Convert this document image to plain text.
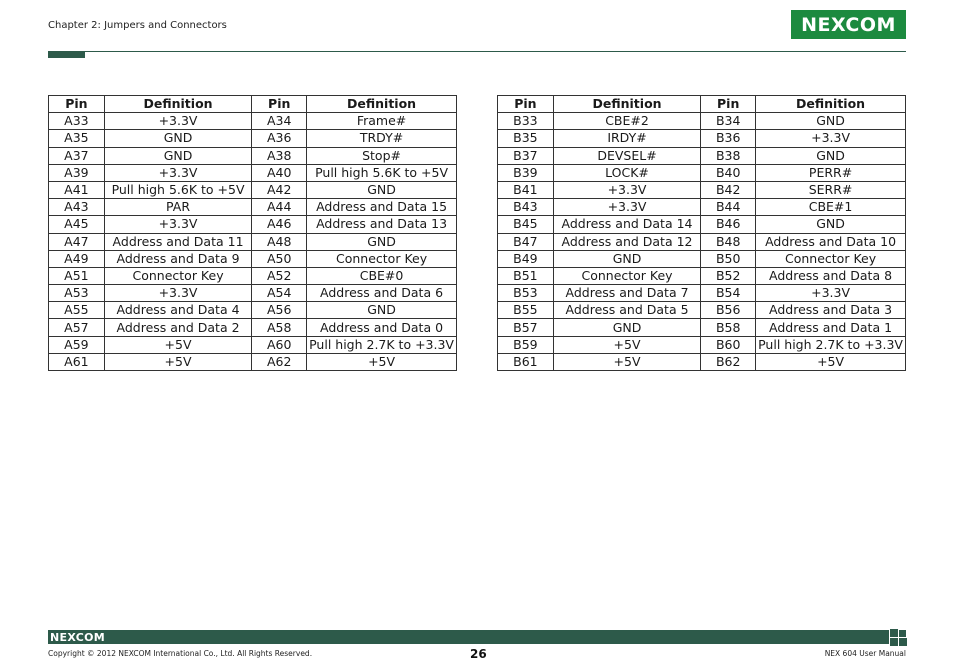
Chapter 2: Jumpers and Connectors	NEXCOM
Pin	Definition	Pin	Definition
A33	+3.3V	A34	Frame#
A35	GND	A36	TRDY#
A37	GND	A38	Stop#
A39	+3.3V	A40	Pull high 5.6K to +5V
A41	Pull high 5.6K to +5V	A42	GND
A43	PAR	A44	Address and Data 15
A45	+3.3V	A46	Address and Data 13
A47	Address and Data 11	A48	GND
A49	Address and Data 9	A50	Connector Key
A51	Connector Key	A52	CBE#0
A53	+3.3V	A54	Address and Data 6
A55	Address and Data 4	A56	GND
A57	Address and Data 2	A58	Address and Data 0
A59	+5V	A60	Pull high 2.7K to +3.3V
A61	+5V	A62	+5V
Pin	Definition	Pin	Definition
B33	CBE#2	B34	GND
B35	IRDY#	B36	+3.3V
B37	DEVSEL#	B38	GND
B39	LOCK#	B40	PERR#
B41	+3.3V	B42	SERR#
B43	+3.3V	B44	CBE#1
B45	Address and Data 14	B46	GND
B47	Address and Data 12	B48	Address and Data 10
B49	GND	B50	Connector Key
B51	Connector Key	B52	Address and Data 8
B53	Address and Data 7	B54	+3.3V
B55	Address and Data 5	B56	Address and Data 3
B57	GND	B58	Address and Data 1
B59	+5V	B60	Pull high 2.7K to +3.3V
B61	+5V	B62	+5V
NEXCOM
Copyright © 2012 NEXCOM International Co., Ltd. All Rights Reserved.	26	NEX 604 User Manual
